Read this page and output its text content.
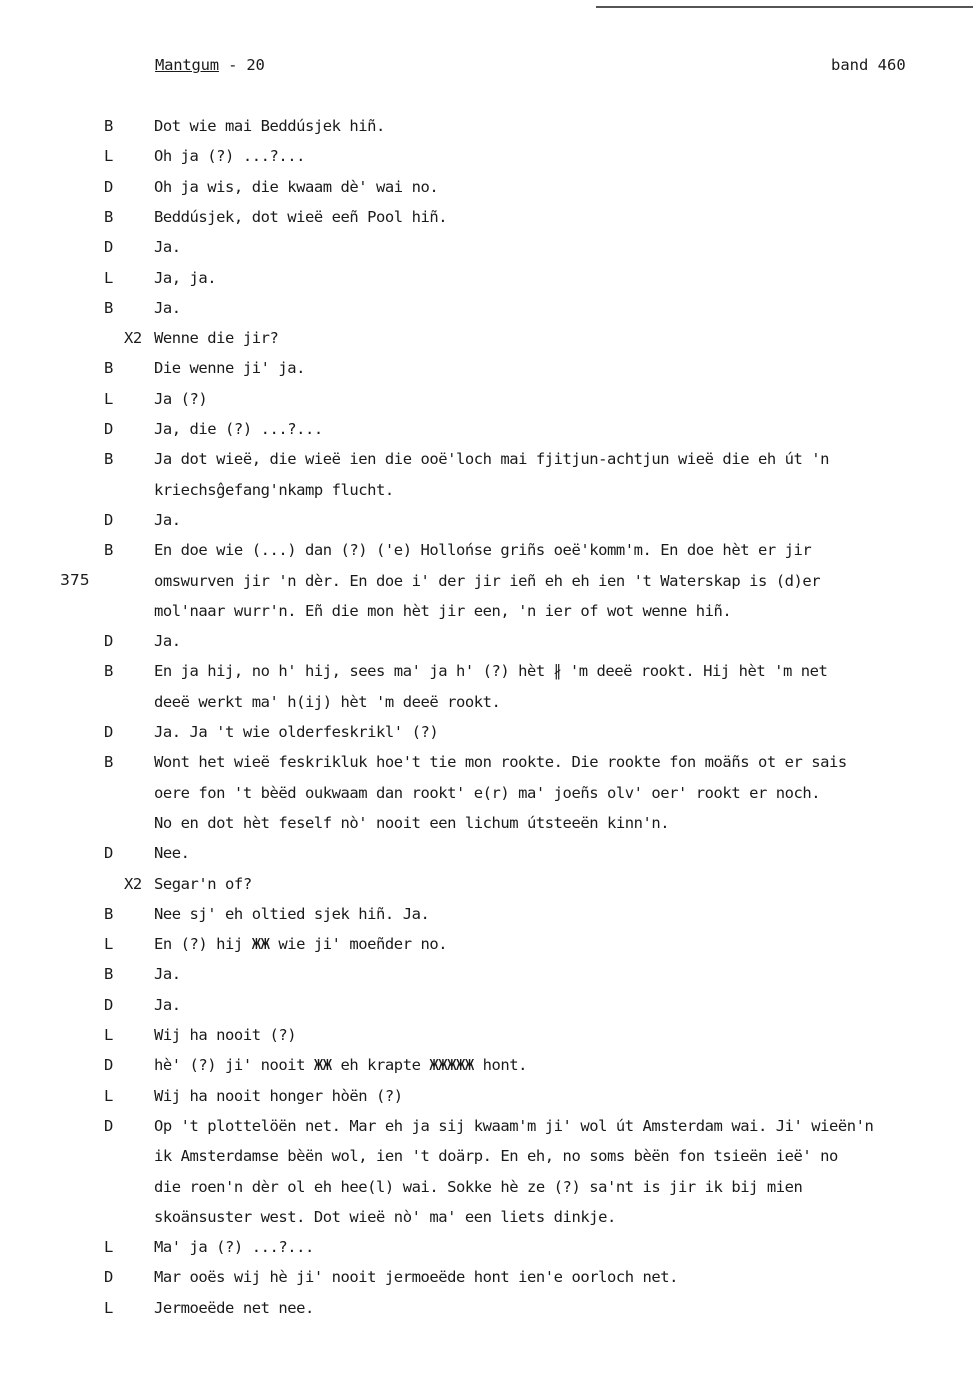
Mantgum - 20	band 460
375
B	Dot wie mai Beddúsjek hiñ.
L	Oh ja (?) ...?...
D	Oh ja wis, die kwaam dè' wai no.
B	Beddúsjek, dot wieë eeñ Pool hiñ.
D	Ja.
L	Ja, ja.
B	Ja.
X2 Wenne die jir?
B	Die wenne ji' ja.
L	Ja (?)
D	Ja, die (?) ...?...
B	Ja dot wieë, die wieë ien die ooë'loch mai fjitjun-achtjun wieë die eh út 'n
kriechsĝefang'nkamp flucht.
D	Ja.
B	En doe wie (...) dan (?) ('e) Hollońse griñs oeë'komm'm. En doe hèt er jir
omswurven jir 'n dèr. En doe i' der jir ieñ eh eh ien 't Waterskap is (d)er
mol'naar wurr'n. Eñ die mon hèt jir een, 'n ier of wot wenne hiñ.
D	Ja.
B	En ja hij, no h' hij, sees ma' ja h' (?) hèt ∦ 'm deeë rookt. Hij hèt 'm net
deeë werkt ma' h(ij) hèt 'm deeë rookt.
D	Ja. Ja 't wie olderfeskrikl' (?)
B	Wont het wieë feskrikluk hoe't tie mon rookte. Die rookte fon moäñs ot er sais
oere fon 't bèëd oukwaam dan rookt' e(r) ma' joeñs olv' oer' rookt er noch.
No en dot hèt feself nò' nooit een lichum útsteeën kinn'n.
D	Nee.
X2 Segar'n of?
B	Nee sj' eh oltied sjek hiñ. Ja.
L	En (?) hij ЖЖ wie ji' moeñder no.
B	Ja.
D	Ja.
L	Wij ha nooit (?)
D	hè' (?) ji' nooit ЖЖ eh krapte ЖЖЖЖЖ hont.
L	Wij ha nooit honger hòën (?)
D	Op 't plottelöën net. Mar eh ja sij kwaam'm ji' wol út Amsterdam wai. Ji' wieën'n
ik Amsterdamse bèën wol, ien 't doärp. En eh, no soms bèën fon tsieën ieë' no
die roen'n dèr ol eh hee(l) wai. Sokke hè ze (?) sa'nt is jir ik bij mien
skoänsuster west. Dot wieë nò' ma' een liets dinkje.
L	Ma' ja (?) ...?...
D	Mar ooës wij hè ji' nooit jermoeëde hont ien'e oorloch net.
L	Jermoeëde net nee.
